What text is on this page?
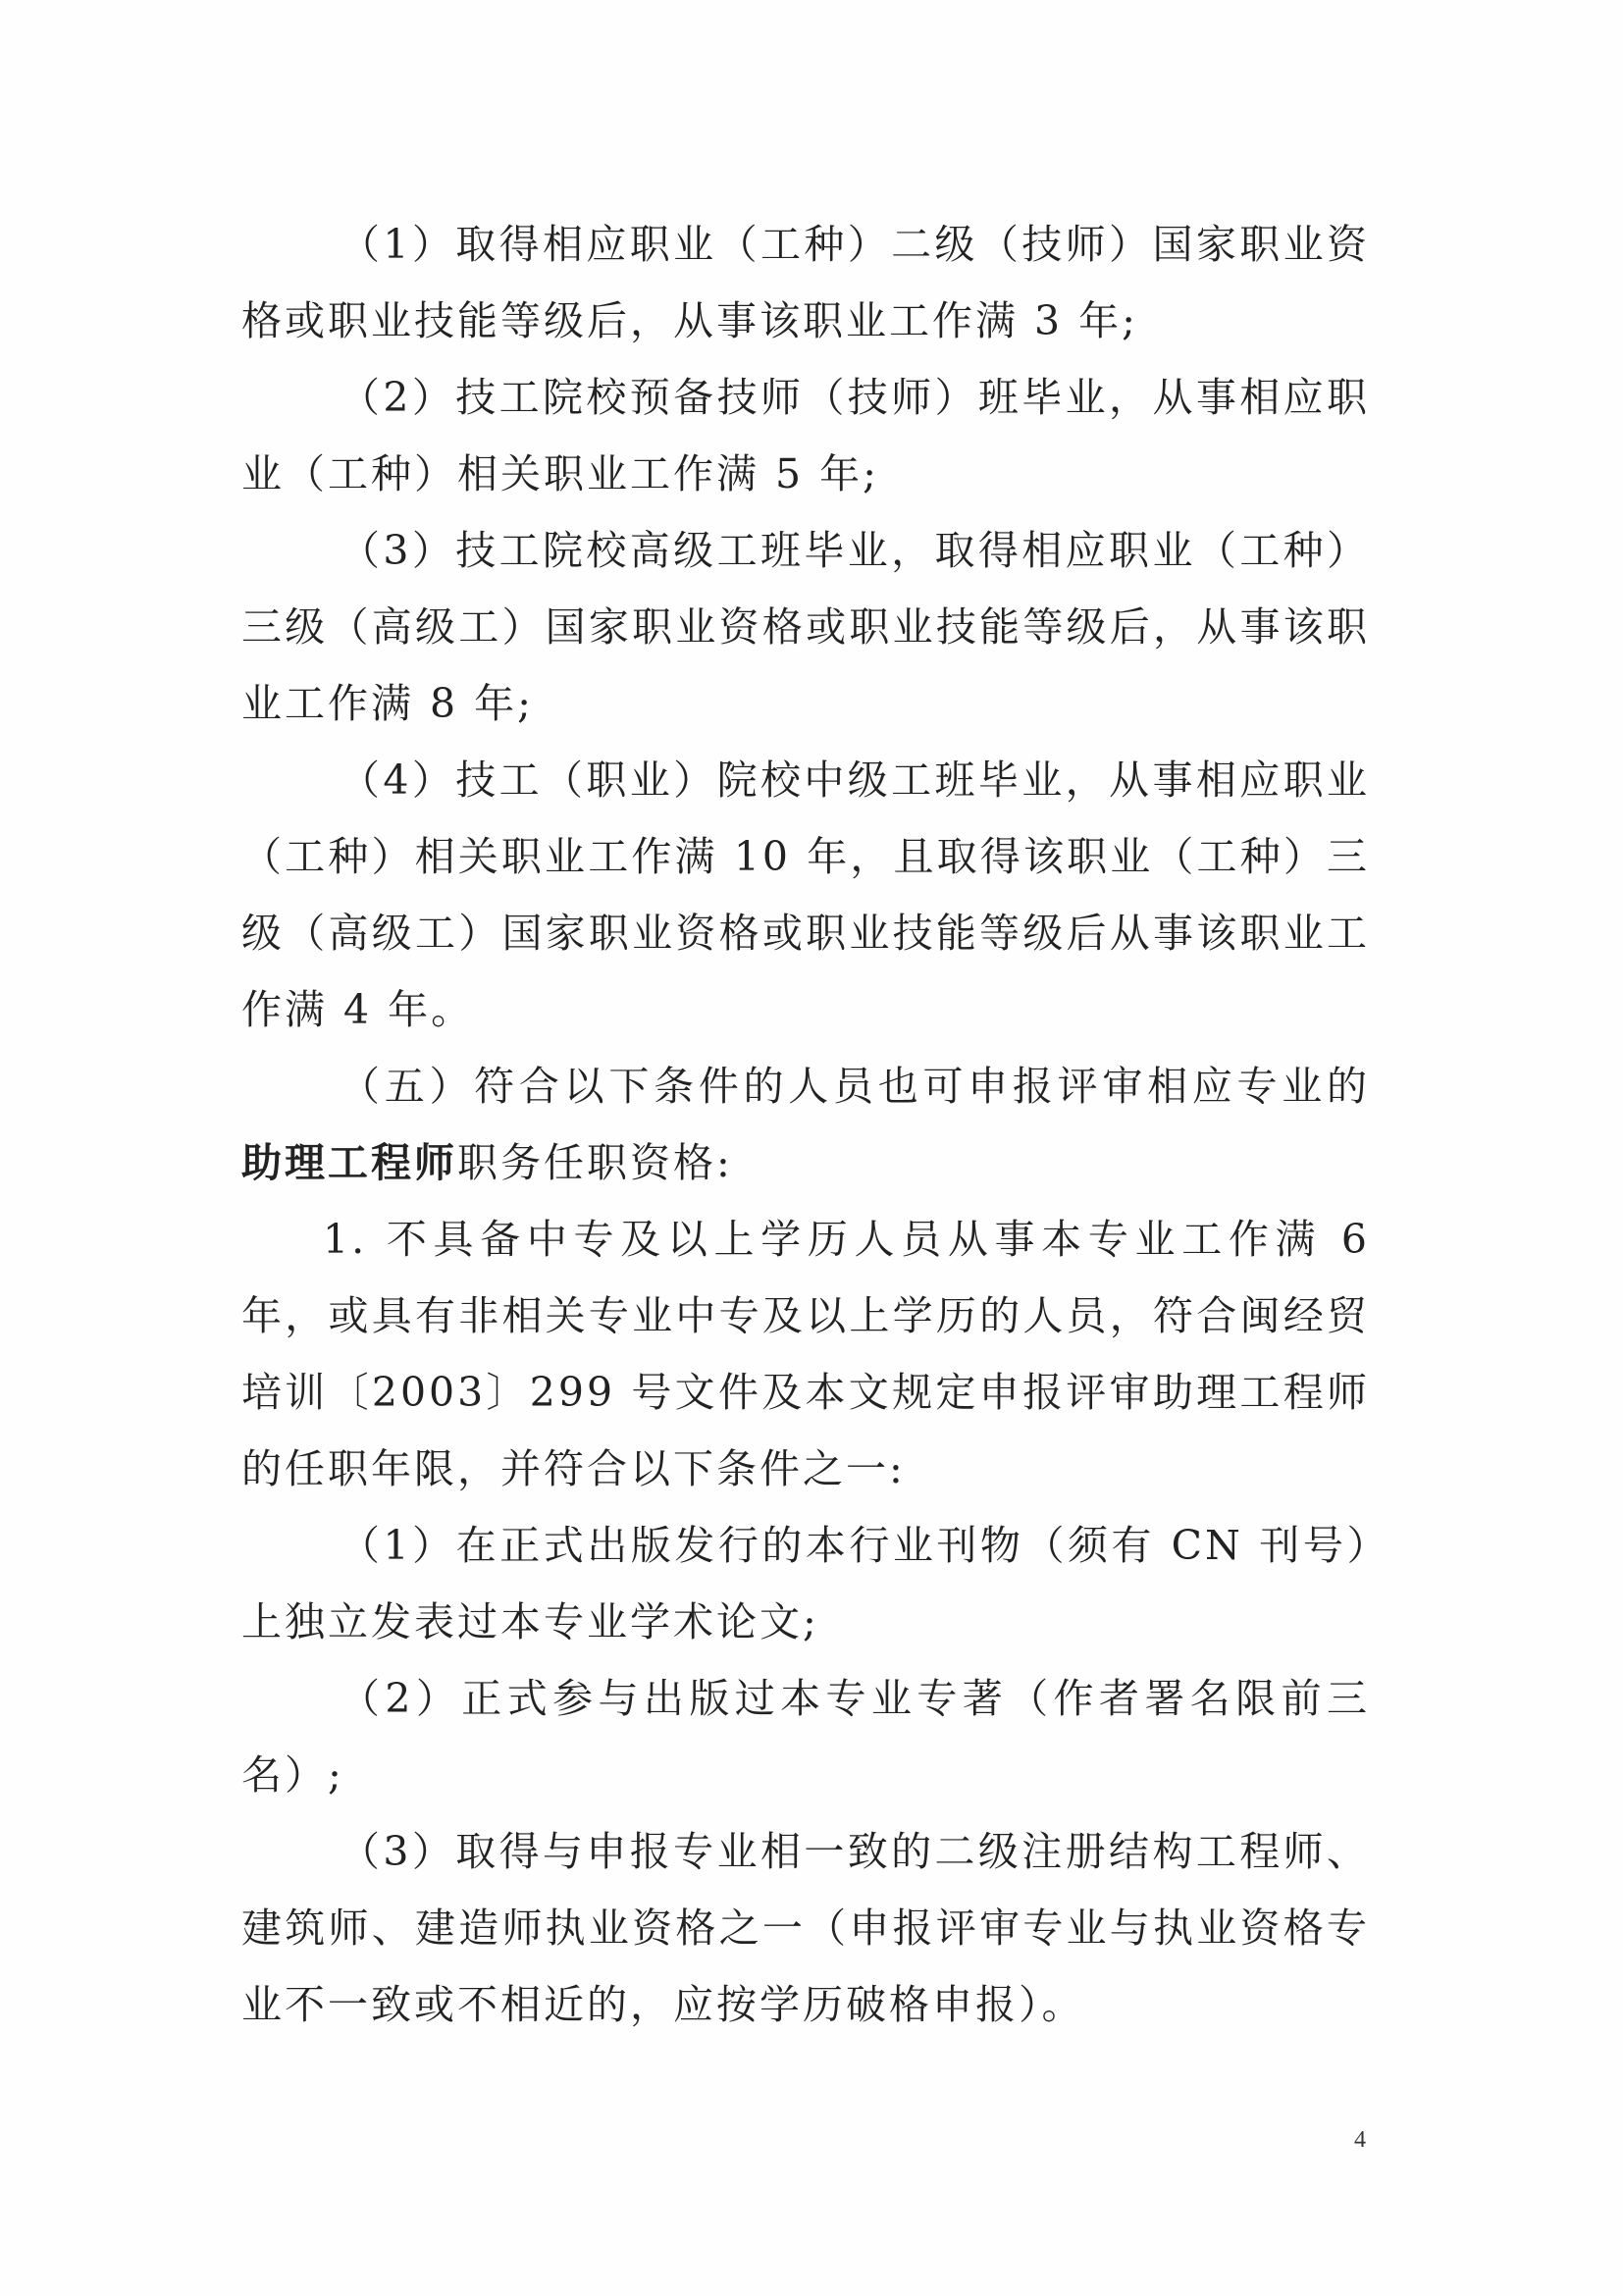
（1）取得相应职业（工种）二级（技师）国家职业资格或职业技能等级后，从事该职业工作满 3 年;

（2）技工院校预备技师（技师）班毕业，从事相应职业（工种）相关职业工作满 5 年;

（3）技工院校高级工班毕业，取得相应职业（工种）三级（高级工）国家职业资格或职业技能等级后，从事该职业工作满 8 年;

（4）技工（职业）院校中级工班毕业，从事相应职业（工种）相关职业工作满 10 年，且取得该职业（工种）三级（高级工）国家职业资格或职业技能等级后从事该职业工作满 4 年。

（五）符合以下条件的人员也可申报评审相应专业的助理工程师职务任职资格:

1. 不具备中专及以上学历人员从事本专业工作满 6 年，或具有非相关专业中专及以上学历的人员，符合闽经贸培训〔2003〕299 号文件及本文规定申报评审助理工程师的任职年限，并符合以下条件之一:

（1）在正式出版发行的本行业刊物（须有 CN 刊号）上独立发表过本专业学术论文;

（2）正式参与出版过本专业专著（作者署名限前三名）;

（3）取得与申报专业相一致的二级注册结构工程师、建筑师、建造师执业资格之一（申报评审专业与执业资格专业不一致或不相近的，应按学历破格申报）。

4
